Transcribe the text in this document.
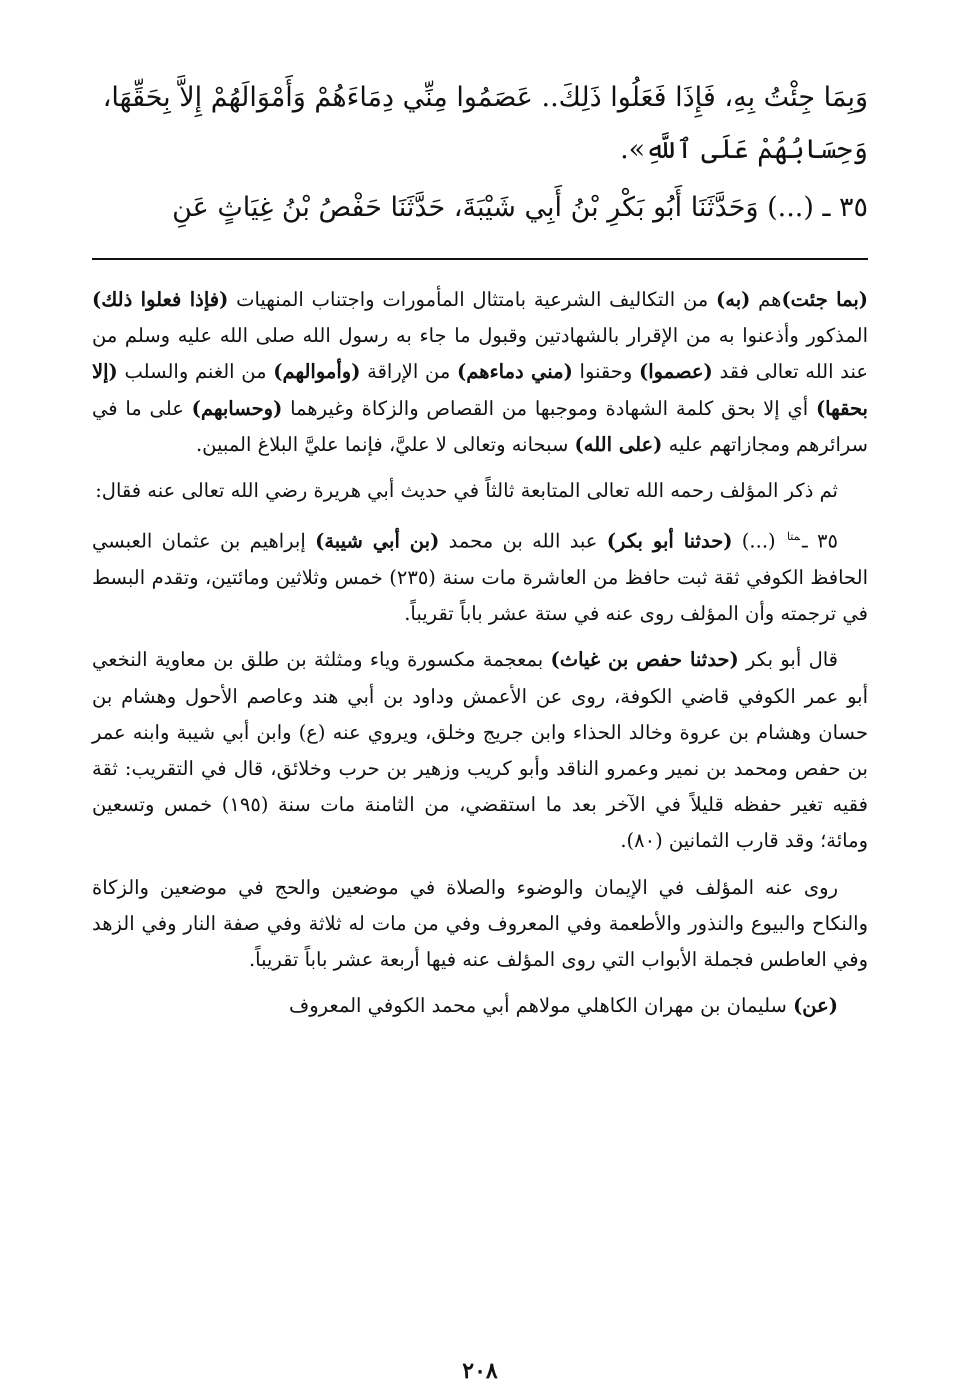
وَبِمَا جِئْتُ بِهِ، فَإِذَا فَعَلُوا ذَلِكَ.. عَصَمُوا مِنِّي دِمَاءَهُمْ وَأَمْوَالَهُمْ إِلاَّ بِحَقِّهَا،

وَحِسَابُهُمْ عَلَى ٱللَّهِ».

٣٥ ـ (...) وَحَدَّثَنَا أَبُو بَكْرِ بْنُ أَبِي شَيْبَةَ، حَدَّثَنَا حَفْصُ بْنُ غِيَاثٍ عَنِ

(بما جئت)هم (به) من التكاليف الشرعية بامتثال المأمورات واجتناب المنهيات (فإذا فعلوا ذلك) المذكور وأذعنوا به من الإقرار بالشهادتين وقبول ما جاء به رسول الله صلى الله عليه وسلم من عند الله تعالى فقد (عصموا) وحقنوا (مني دماءهم) من الإراقة (وأموالهم) من الغنم والسلب (إلا بحقها) أي إلا بحق كلمة الشهادة وموجبها من القصاص والزكاة وغيرهما (وحسابهم) على ما في سرائرهم ومجازاتهم عليه (على الله) سبحانه وتعالى لا عليَّ، فإنما عليَّ البلاغ المبين.

ثم ذكر المؤلف رحمه الله تعالى المتابعة ثالثاً في حديث أبي هريرة رضي الله تعالى عنه فقال:

٣٥ ـ$^{متا}$ (...) (حدثنا أبو بكر) عبد الله بن محمد (بن أبي شيبة) إبراهيم بن عثمان العبسي الحافظ الكوفي ثقة ثبت حافظ من العاشرة مات سنة (٢٣٥) خمس وثلاثين ومائتين، وتقدم البسط في ترجمته وأن المؤلف روى عنه في ستة عشر باباً تقريباً.

قال أبو بكر (حدثنا حفص بن غياث) بمعجمة مكسورة وياء ومثلثة بن طلق بن معاوية النخعي أبو عمر الكوفي قاضي الكوفة، روى عن الأعمش وداود بن أبي هند وعاصم الأحول وهشام بن حسان وهشام بن عروة وخالد الحذاء وابن جريج وخلق، ويروي عنه (ع) وابن أبي شيبة وابنه عمر بن حفص ومحمد بن نمير وعمرو الناقد وأبو كريب وزهير بن حرب وخلائق، قال في التقريب: ثقة فقيه تغير حفظه قليلاً في الآخر بعد ما استقضي، من الثامنة مات سنة (١٩٥) خمس وتسعين ومائة؛ وقد قارب الثمانين (٨٠).

روى عنه المؤلف في الإيمان والوضوء والصلاة في موضعين والحج في موضعين والزكاة والنكاح والبيوع والنذور والأطعمة وفي المعروف وفي من مات له ثلاثة وفي صفة النار وفي الزهد وفي العاطس فجملة الأبواب التي روى المؤلف عنه فيها أربعة عشر باباً تقريباً.

(عن) سليمان بن مهران الكاهلي مولاهم أبي محمد الكوفي المعروف

٢٠٨
